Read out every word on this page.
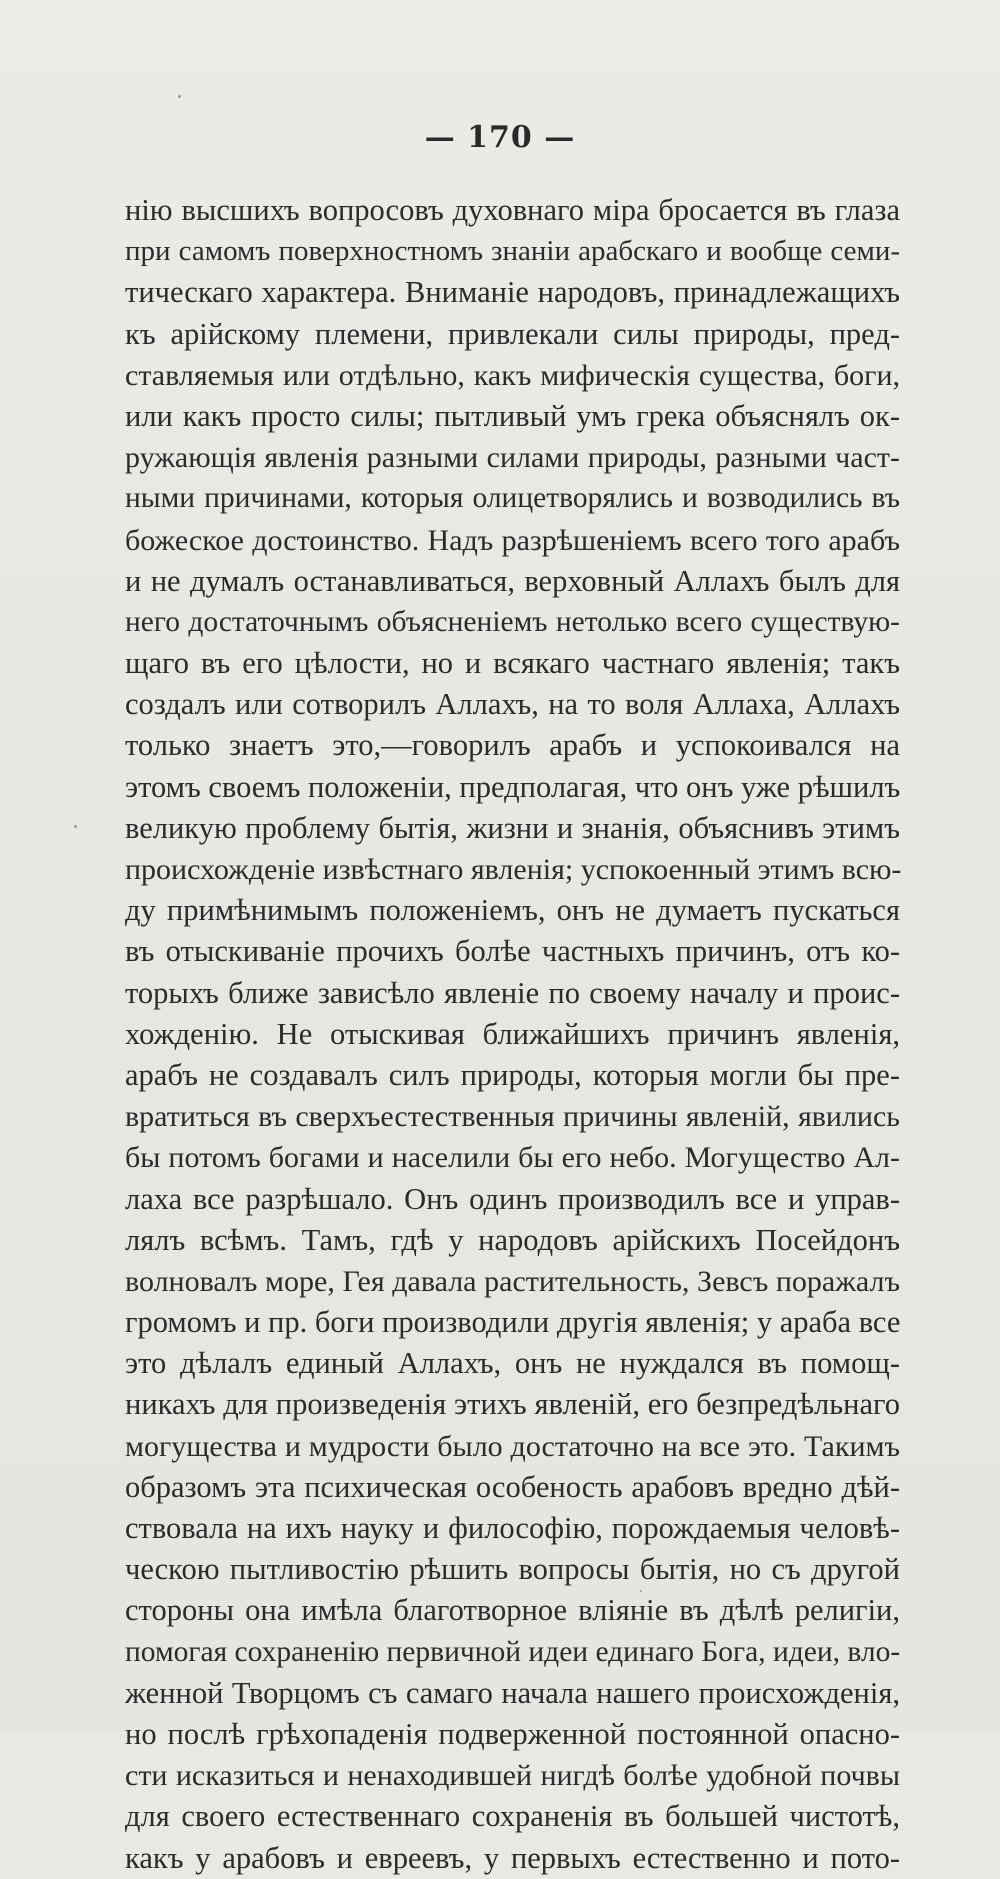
— 170 —
нію высшихъ вопросовъ духовнаго міра бросается въ глаза
при самомъ поверхностномъ знаніи арабскаго и вообще семи-
тическаго характера. Вниманіе народовъ, принадлежащихъ
къ арійскому племени, привлекали силы природы, пред-
ставляемыя или отдѣльно, какъ мифическія существа, боги,
или какъ просто силы; пытливый умъ грека объяснялъ ок-
ружающія явленія разными силами природы, разными част-
ными причинами, которыя олицетворялись и возводились въ
божеское достоинство. Надъ разрѣшеніемъ всего того арабъ
и не думалъ останавливаться, верховный Аллахъ былъ для
него достаточнымъ объясненіемъ нетолько всего существую-
щаго въ его цѣлости, но и всякаго частнаго явленія; такъ
создалъ или сотворилъ Аллахъ, на то воля Аллаха, Аллахъ
только знаетъ это,—говорилъ арабъ и успокоивался на
этомъ своемъ положеніи, предполагая, что онъ уже рѣшилъ
великую проблему бытія, жизни и знанія, объяснивъ этимъ
происхожденіе извѣстнаго явленія; успокоенный этимъ всю-
ду примѣнимымъ положеніемъ, онъ не думаетъ пускаться
въ отыскиваніе прочихъ болѣе частныхъ причинъ, отъ ко-
торыхъ ближе зависѣло явленіе по своему началу и проис-
хожденію. Не отыскивая ближайшихъ причинъ явленія,
арабъ не создавалъ силъ природы, которыя могли бы пре-
вратиться въ сверхъестественныя причины явленій, явились
бы потомъ богами и населили бы его небо. Могущество Ал-
лаха все разрѣшало. Онъ одинъ производилъ все и управ-
лялъ всѣмъ. Тамъ, гдѣ у народовъ арійскихъ Посейдонъ
волновалъ море, Гея давала растительность, Зевсъ поражалъ
громомъ и пр. боги производили другія явленія; у араба все
это дѣлалъ единый Аллахъ, онъ не нуждался въ помощ-
никахъ для произведенія этихъ явленій, его безпредѣльнаго
могущества и мудрости было достаточно на все это. Такимъ
образомъ эта психическая особеность арабовъ вредно дѣй-
ствовала на ихъ науку и философію, порождаемыя человѣ-
ческою пытливостію рѣшить вопросы бытія, но съ другой
стороны она имѣла благотворное вліяніе въ дѣлѣ религіи,
помогая сохраненію первичной идеи единаго Бога, идеи, вло-
женной Творцомъ съ самаго начала нашего происхожденія,
но послѣ грѣхопаденія подверженной постоянной опасно-
сти исказиться и ненаходившей нигдѣ болѣе удобной почвы
для своего естественнаго сохраненія въ большей чистотѣ,
какъ у арабовъ и евреевъ, у первыхъ естественно и пото-
